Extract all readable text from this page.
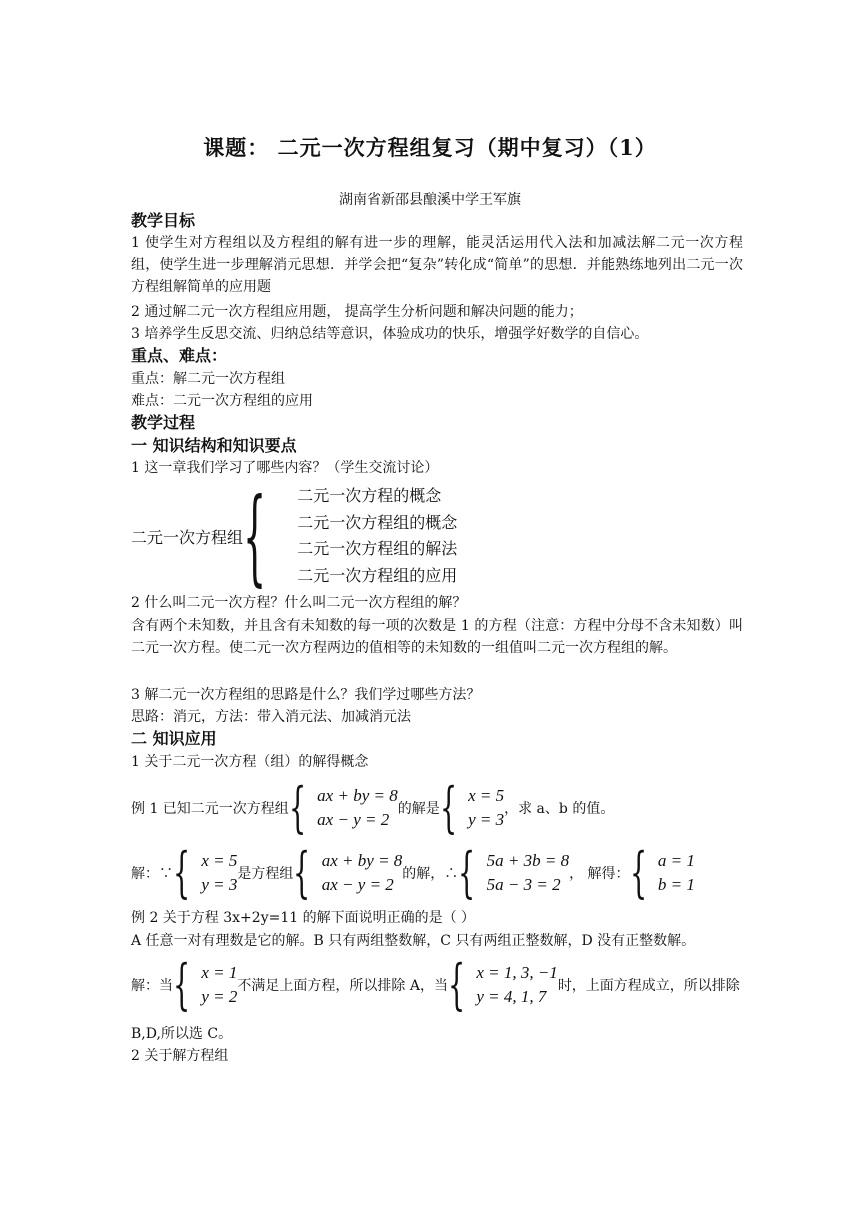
课题： 二元一次方程组复习（期中复习）（1）
湖南省新邵县酿溪中学王军旗
教学目标
1 使学生对方程组以及方程组的解有进一步的理解，能灵活运用代入法和加减法解二元一次方程组，使学生进一步理解消元思想．并学会把“复杂”转化成“简单”的思想．并能熟练地列出二元一次方程组解简单的应用题
2 通过解二元一次方程组应用题， 提高学生分析问题和解决问题的能力；
3 培养学生反思交流、归纳总结等意识，体验成功的快乐，增强学好数学的自信心。
重点、难点：
重点：解二元一次方程组
难点：二元一次方程组的应用
教学过程
一 知识结构和知识要点
1 这一章我们学习了哪些内容？（学生交流讨论）
二元一次方程组 { 二元一次方程的概念
二元一次方程组的概念
二元一次方程组的解法
二元一次方程组的应用
2 什么叫二元一次方程？什么叫二元一次方程组的解？
含有两个未知数，并且含有未知数的每一项的次数是 1 的方程（注意：方程中分母不含未知数）叫二元一次方程。使二元一次方程两边的值相等的未知数的一组值叫二元一次方程组的解。
3 解二元一次方程组的思路是什么？我们学过哪些方法？
思路：消元，方法：带入消元法、加减消元法
二 知识应用
1 关于二元一次方程（组）的解得概念
例 1 已知二元一次方程组 { ax + by = 8
ax − y = 2
的解是 { x = 5
y = 3
，求 a、b 的值。
解：∵ { x = 5
y = 3
是方程组 { ax + by = 8
ax − y = 2
的解，∴ { 5a + 3b = 8
5a − 3 = 2
， 解得： { a = 1
b = 1
例 2 关于方程 3x+2y=11 的解下面说明正确的是（ ）
A 任意一对有理数是它的解。B 只有两组整数解，C 只有两组正整数解，D 没有正整数解。
解：当 { x = 1
y = 2
不满足上面方程，所以排除 A，当 { x = 1, 3, −1
y = 4, 1, 7
时，上面方程成立，所以排除
B,D,所以选 C。
2 关于解方程组
